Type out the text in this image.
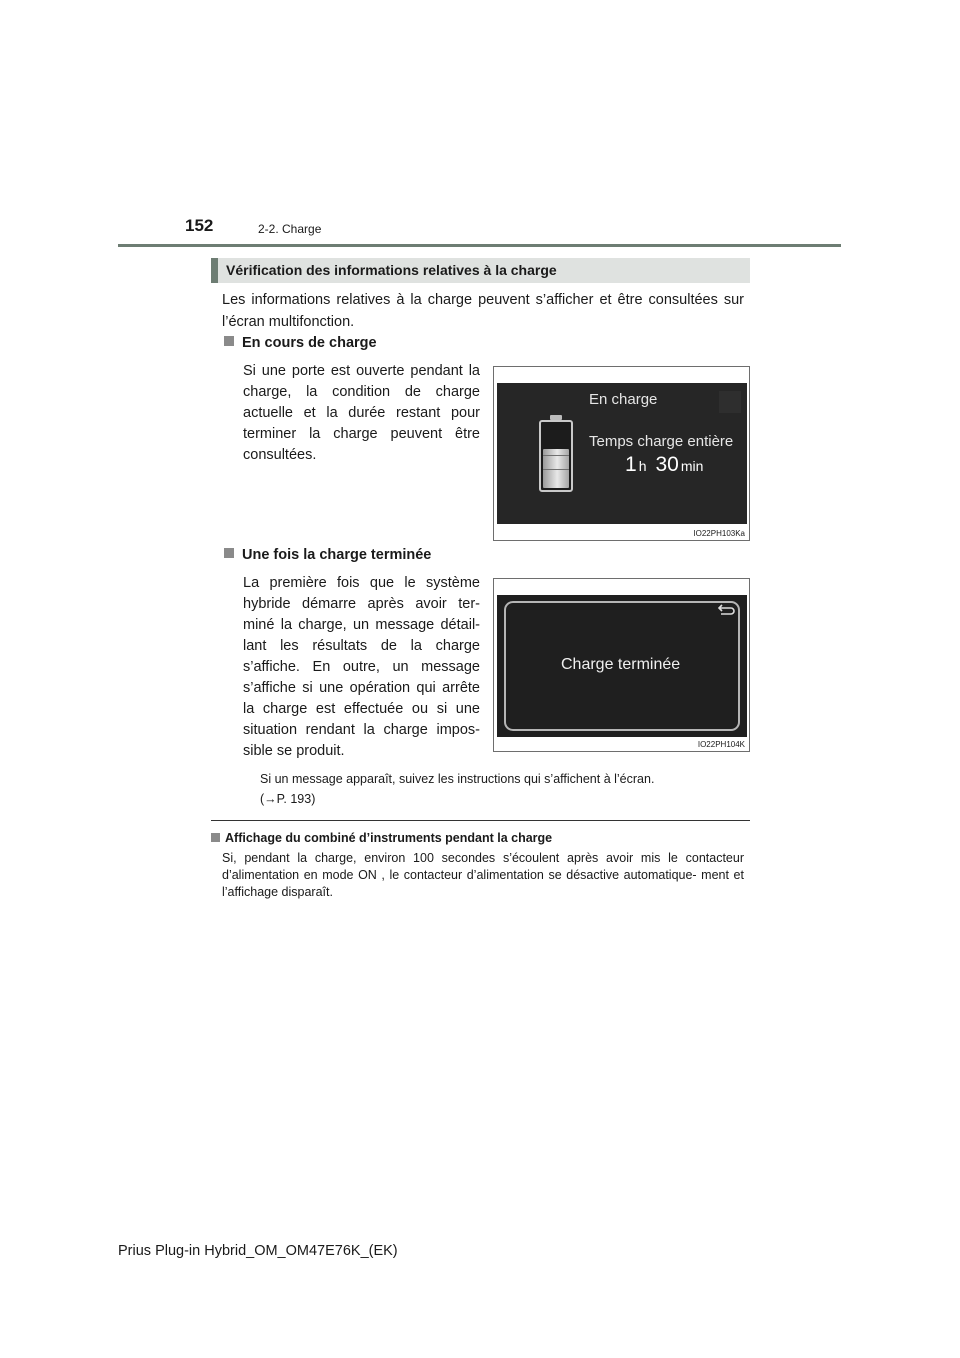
152	2-2. Charge
Vérification des informations relatives à la charge

Les informations relatives à la charge peuvent s’afficher et être consultées sur l’écran multifonction.

En cours de charge

Si une porte est ouverte pendant la charge, la condition de charge actuelle et la durée restant pour terminer la charge peuvent être consultées.

En charge
Temps charge entière
1 h 30 min
IO22PH103Ka
Une fois la charge terminée

La première fois que le système hybride démarre après avoir ter- miné la charge, un message détail- lant les résultats de la charge s’affiche. En outre, un message s’affiche si une opération qui arrête la charge est effectuée ou si une situation rendant la charge impos- sible se produit.

Charge terminée
IO22PH104K
Si un message apparaît, suivez les instructions qui s’affichent à l’écran.
(→P. 193)
Affichage du combiné d’instruments pendant la charge

Si, pendant la charge, environ 100 secondes s’écoulent après avoir mis le contacteur d’alimentation en mode ON , le contacteur d’alimentation se désactive automatique- ment et l’affichage disparaît.

Prius Plug-in Hybrid_OM_OM47E76K_(EK)
